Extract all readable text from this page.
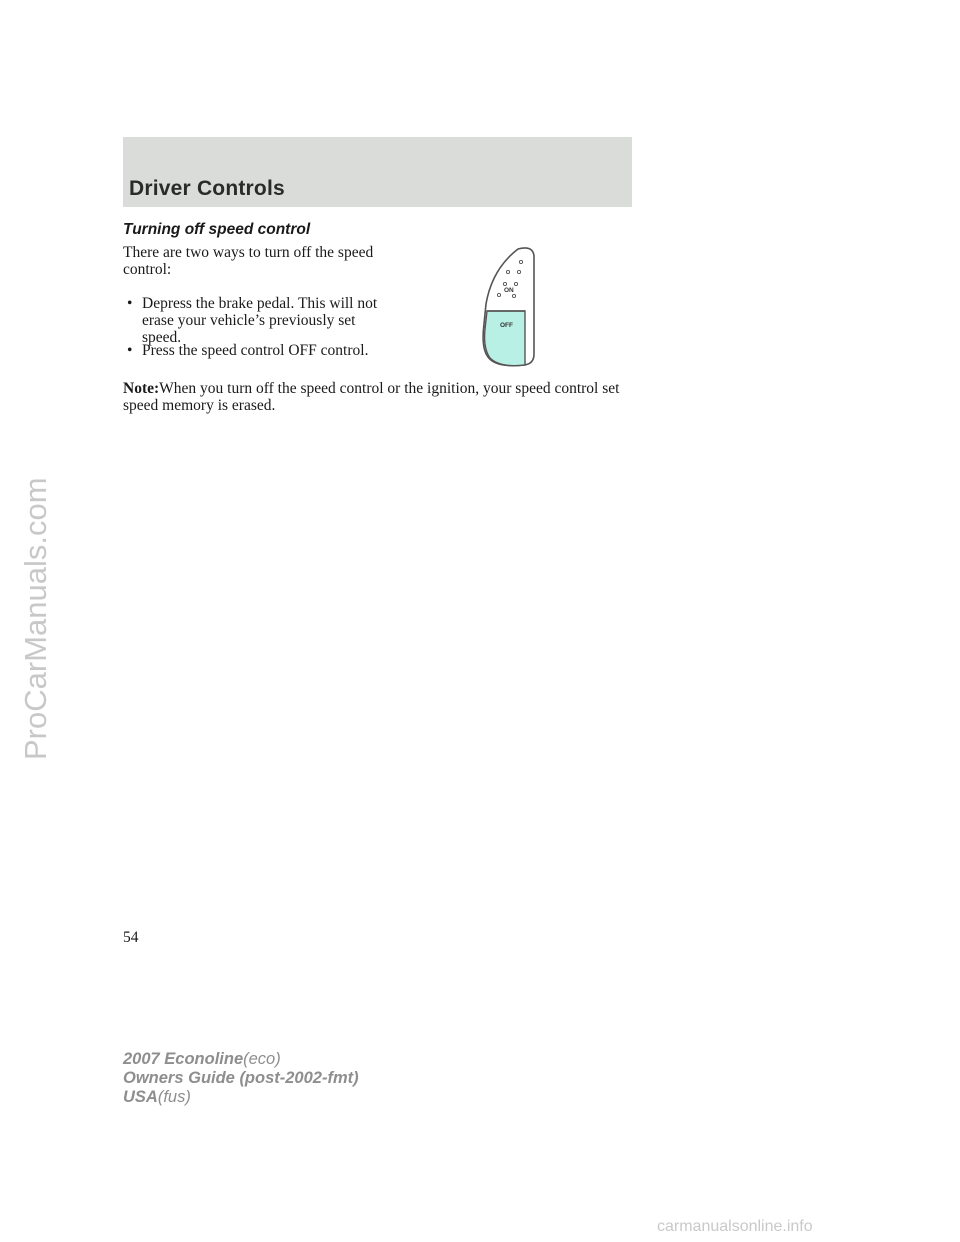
Driver Controls
Turning off speed control
There are two ways to turn off the speed control:
• Depress the brake pedal. This will not erase your vehicle’s previously set speed.
• Press the speed control OFF control.
Note:When you turn off the speed control or the ignition, your speed control set speed memory is erased.
ON
OFF
54
2007 Econoline(eco)
Owners Guide (post-2002-fmt)
USA(fus)
ProCarManuals.com
carmanualsonline.info
